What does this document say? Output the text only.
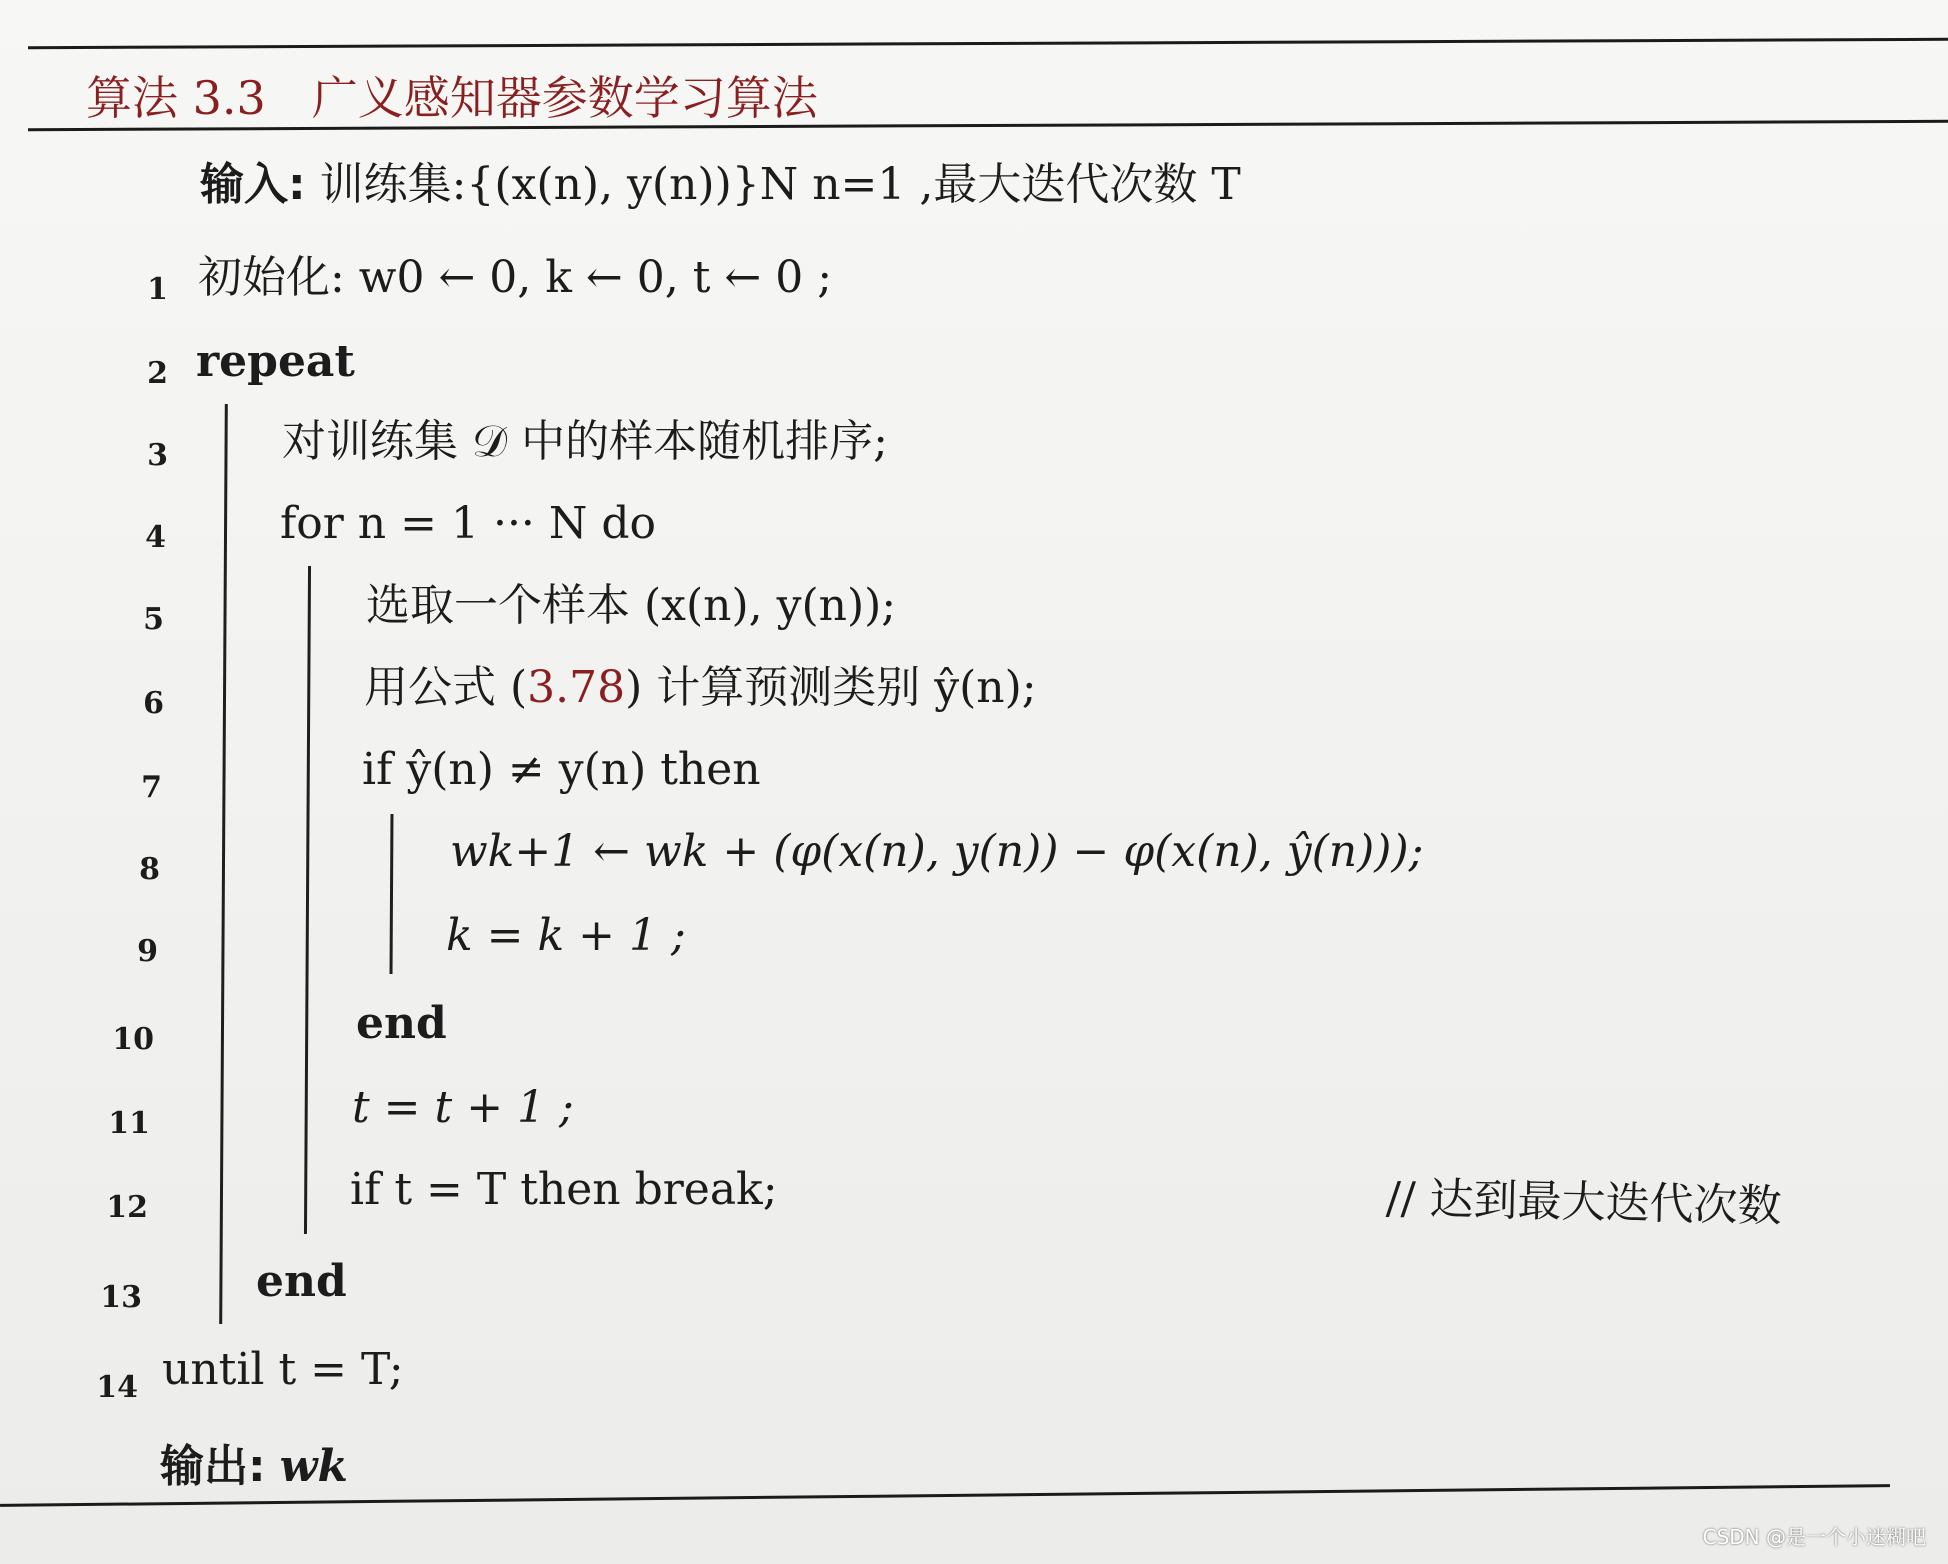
算法 3.3 广义感知器参数学习算法
输入: 训练集:{(x(n), y(n))}N n=1 ,最大迭代次数 T
1
2
3
4
5
6
7
8
9
10
11
12
13
14
初始化: w0 ← 0, k ← 0, t ← 0 ;
repeat
对训练集 𝒟 中的样本随机排序;
for n = 1 ··· N do
选取一个样本 (x(n), y(n));
用公式 (3.78) 计算预测类别 ŷ(n);
if ŷ(n) ≠ y(n) then
wk+1 ← wk + (φ(x(n), y(n)) − φ(x(n), ŷ(n)));
k = k + 1 ;
end
t = t + 1 ;
if t = T then break;
end
until t = T;
// 达到最大迭代次数
输出: wk
CSDN @是一个小迷糊吧
